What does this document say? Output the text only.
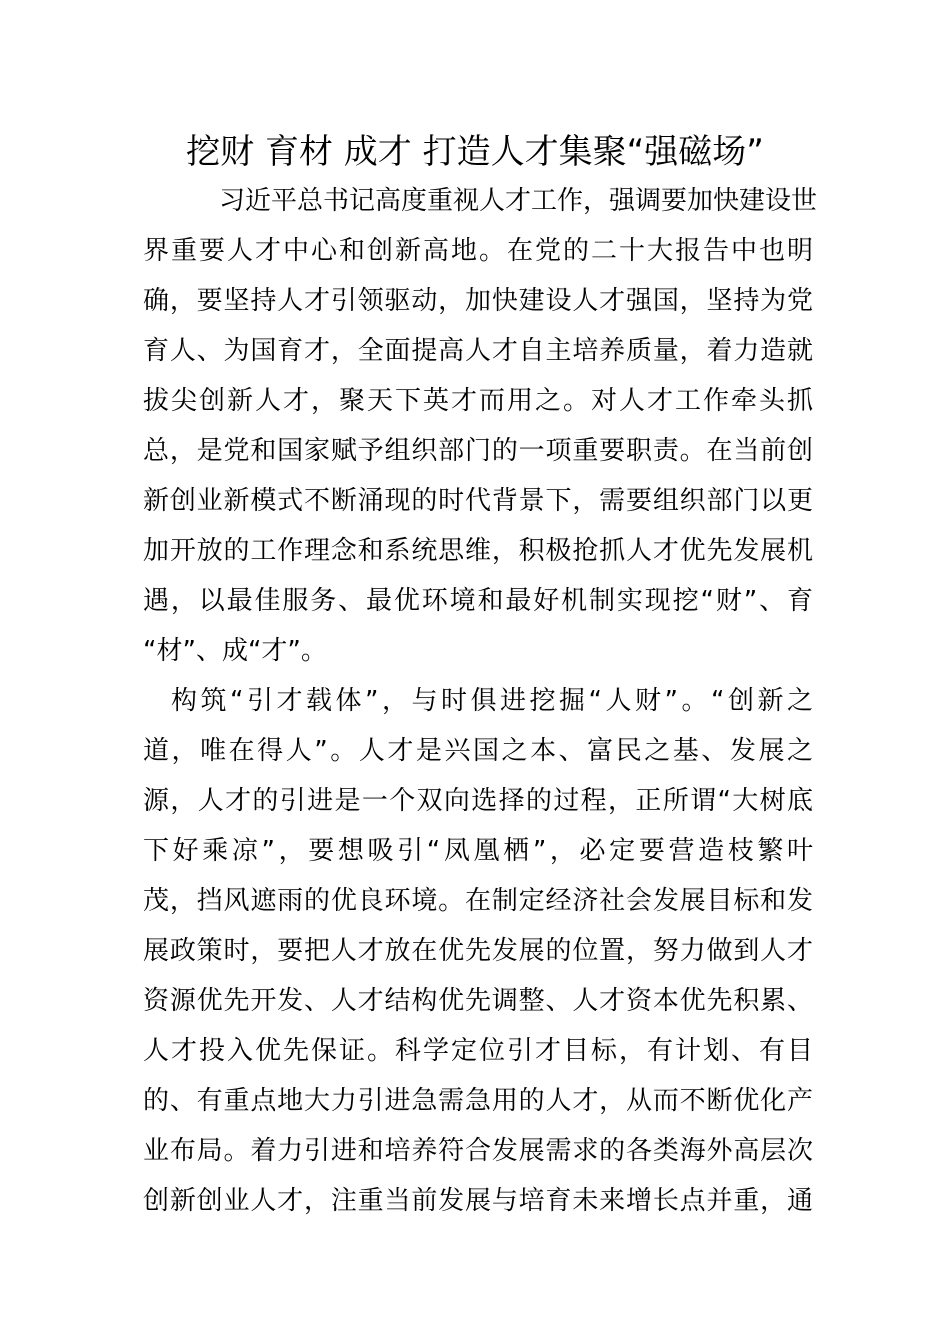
挖财 育材 成才 打造人才集聚“强磁场”
习近平总书记高度重视人才工作，强调要加快建设世
界重要人才中心和创新高地。在党的二十大报告中也明
确，要坚持人才引领驱动，加快建设人才强国，坚持为党
育人、为国育才，全面提高人才自主培养质量，着力造就
拔尖创新人才，聚天下英才而用之。对人才工作牵头抓
总，是党和国家赋予组织部门的一项重要职责。在当前创
新创业新模式不断涌现的时代背景下，需要组织部门以更
加开放的工作理念和系统思维，积极抢抓人才优先发展机
遇，以最佳服务、最优环境和最好机制实现挖“财”、育
“材”、成“才”。
构筑“引才载体”，与时俱进挖掘“人财”。“创新之
道，唯在得人”。人才是兴国之本、富民之基、发展之
源，人才的引进是一个双向选择的过程，正所谓“大树底
下好乘凉”，要想吸引“凤凰栖”，必定要营造枝繁叶
茂，挡风遮雨的优良环境。在制定经济社会发展目标和发
展政策时，要把人才放在优先发展的位置，努力做到人才
资源优先开发、人才结构优先调整、人才资本优先积累、
人才投入优先保证。科学定位引才目标，有计划、有目
的、有重点地大力引进急需急用的人才，从而不断优化产
业布局。着力引进和培养符合发展需求的各类海外高层次
创新创业人才，注重当前发展与培育未来增长点并重，通
